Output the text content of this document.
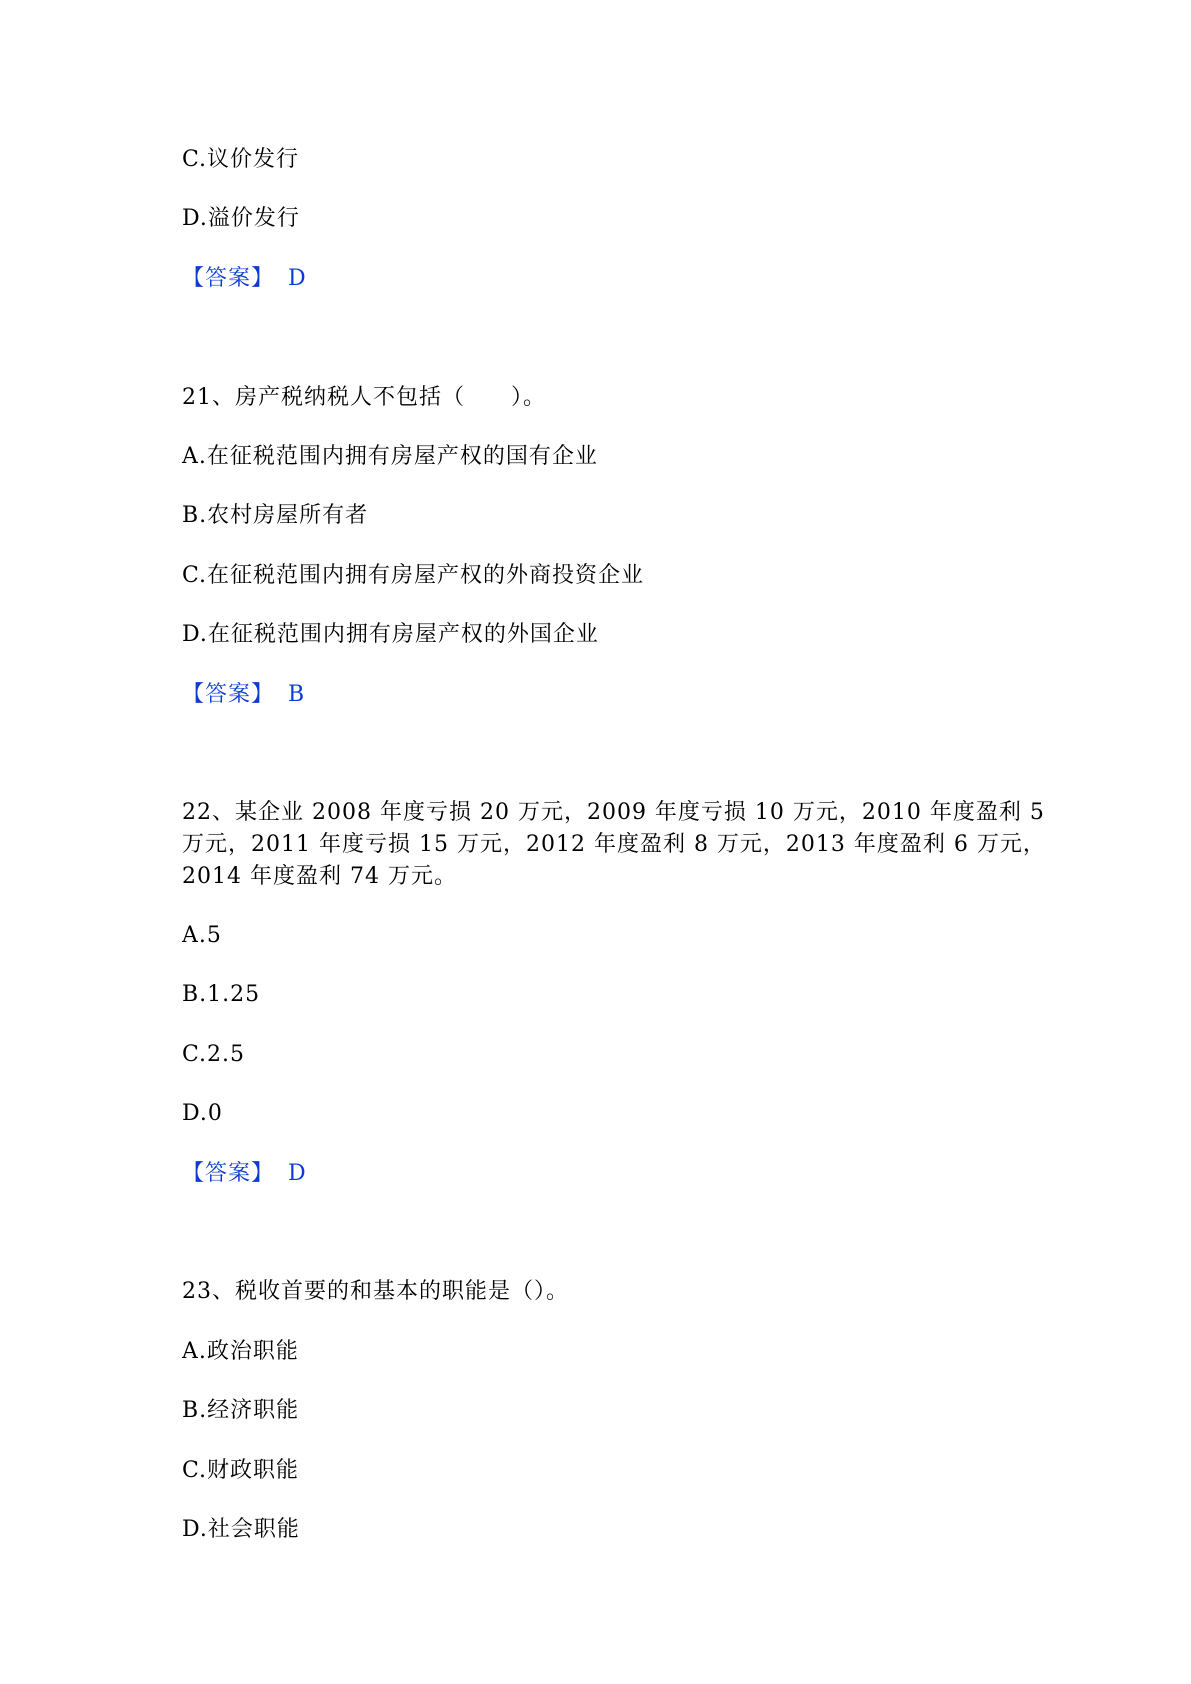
C.议价发行
D.溢价发行
【答案】 D
21、房产税纳税人不包括（　　）。
A.在征税范围内拥有房屋产权的国有企业
B.农村房屋所有者
C.在征税范围内拥有房屋产权的外商投资企业
D.在征税范围内拥有房屋产权的外国企业
【答案】 B
22、某企业 2008 年度亏损 20 万元，2009 年度亏损 10 万元，2010 年度盈利 5
万元，2011 年度亏损 15 万元，2012 年度盈利 8 万元，2013 年度盈利 6 万元，
2014 年度盈利 74 万元。
A.5
B.1.25
C.2.5
D.0
【答案】 D
23、税收首要的和基本的职能是（）。
A.政治职能
B.经济职能
C.财政职能
D.社会职能
